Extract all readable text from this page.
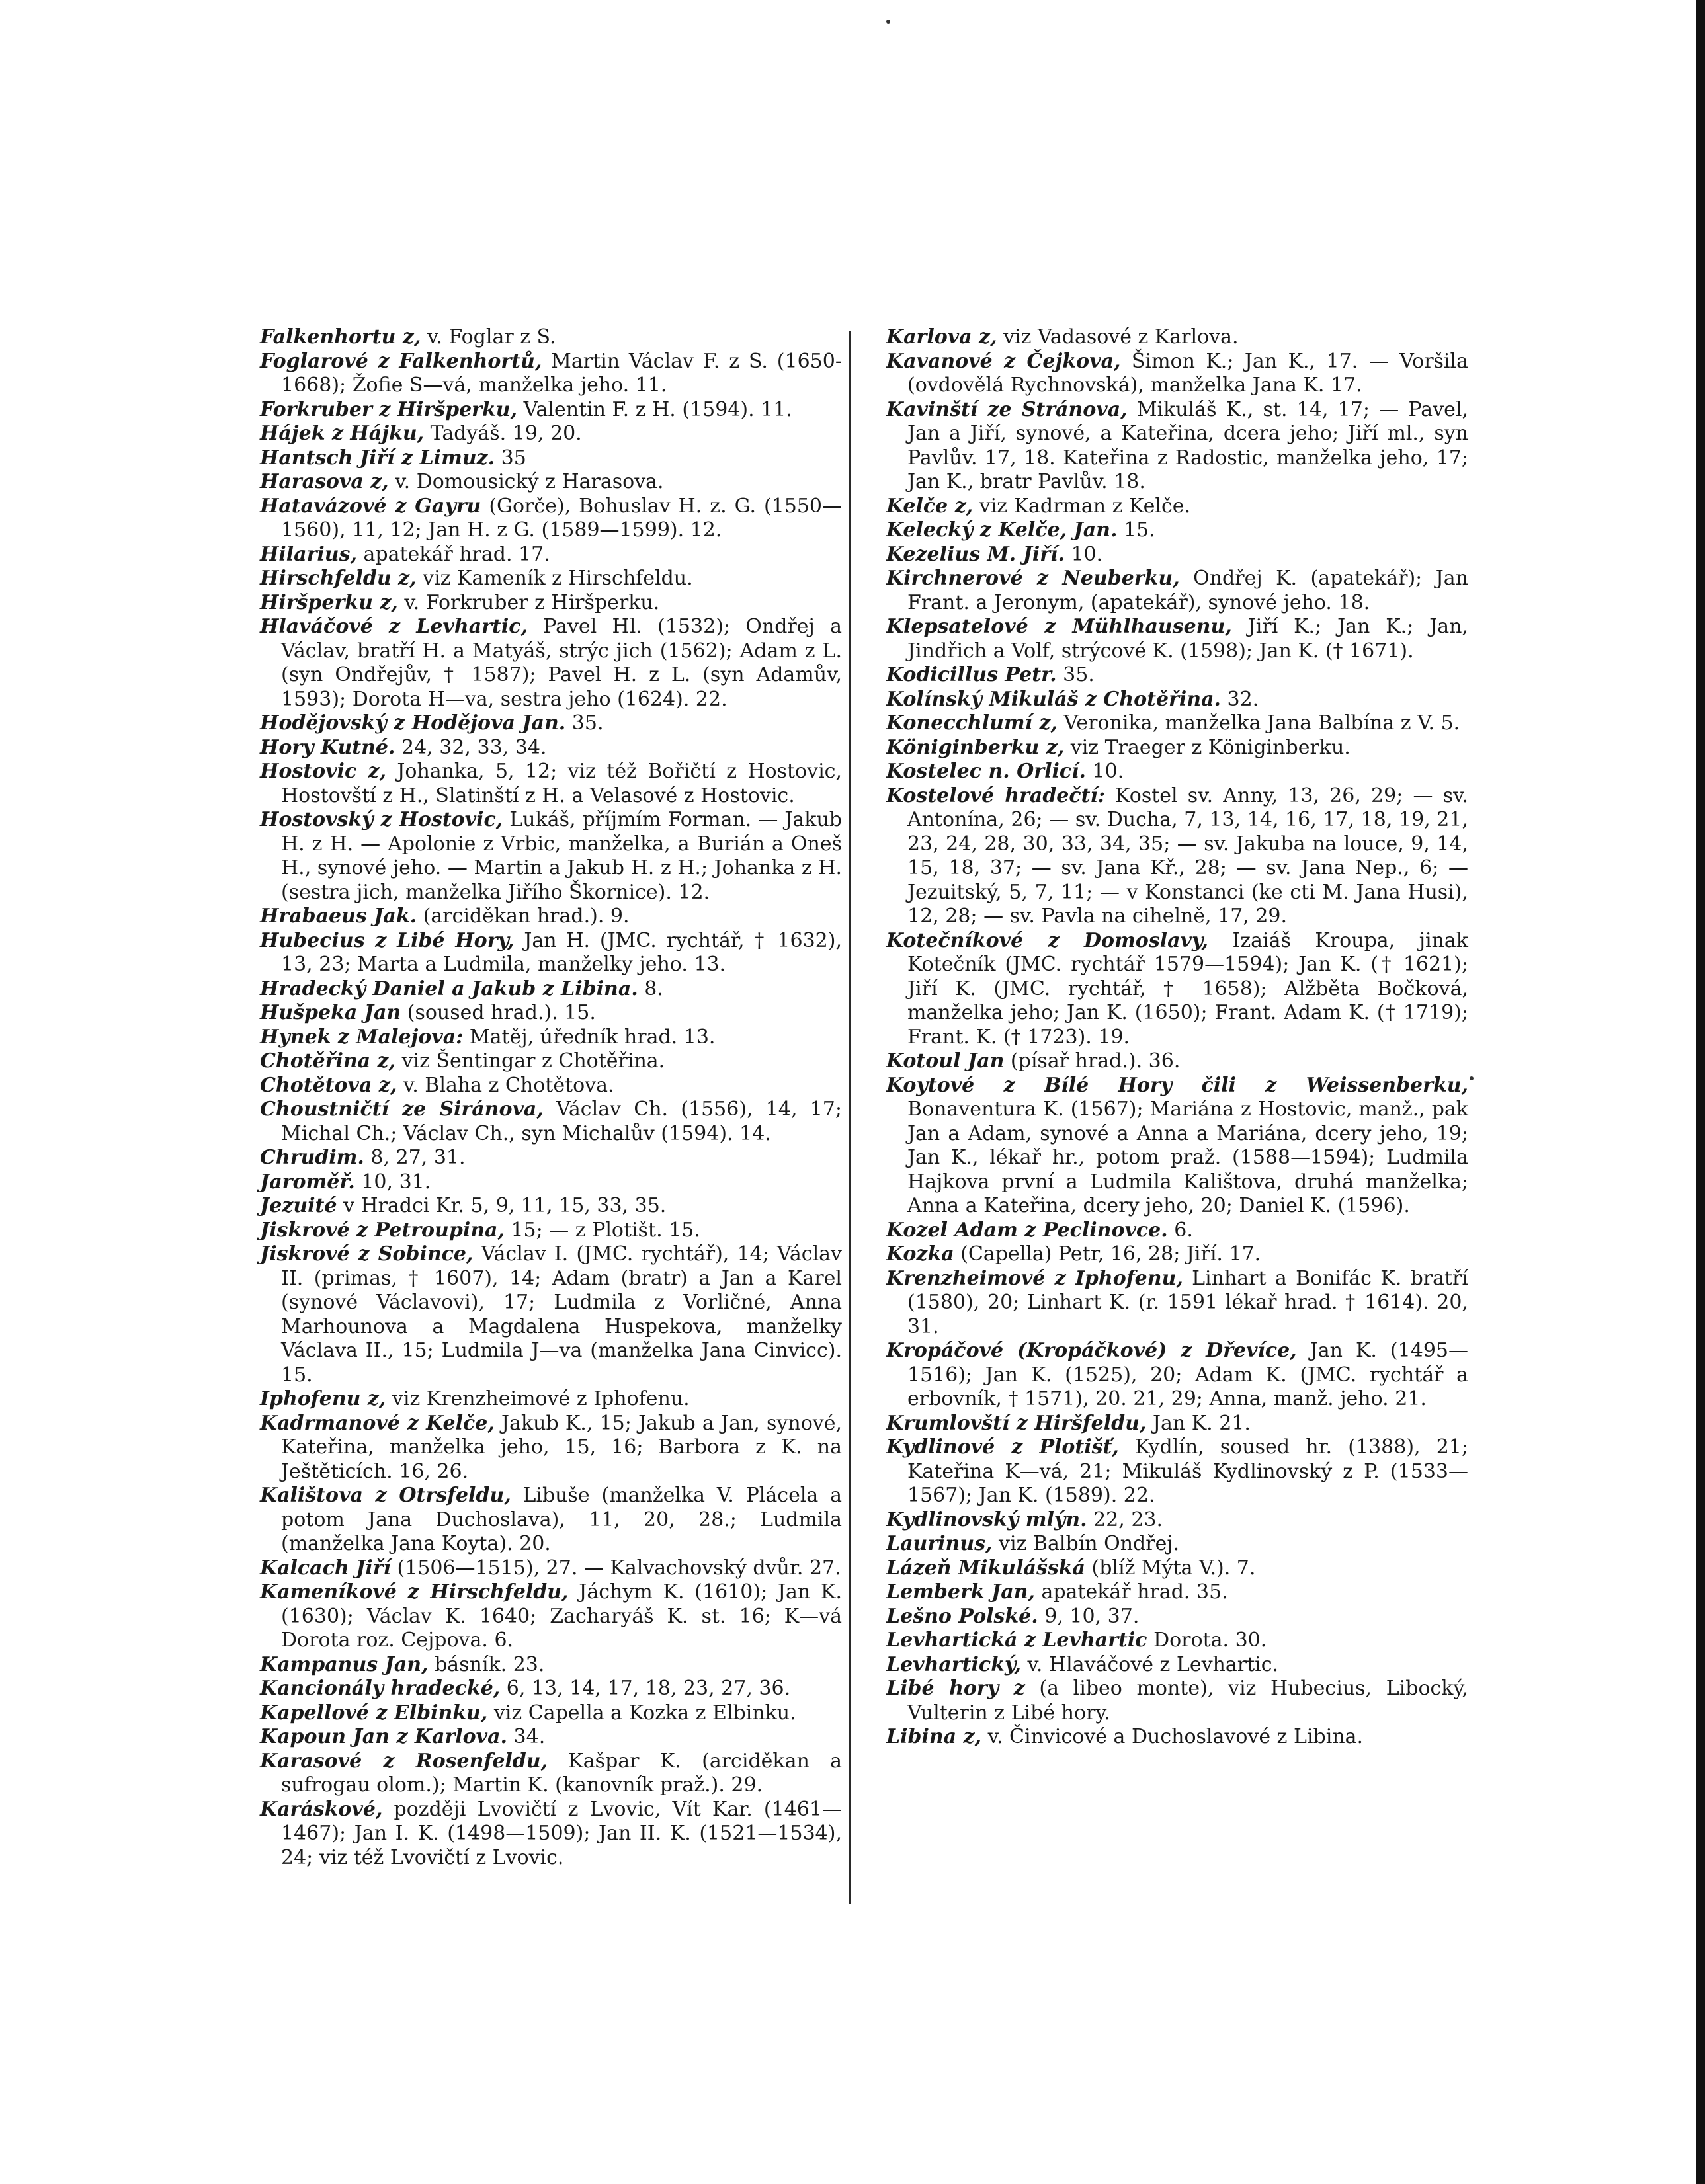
Falkenhortu z, v. Foglar z S.

Foglarové z Falkenhortů, Martin Václav F. z S. (1650-1668); Žofie S—vá, manželka jeho. 11.

Forkruber z Hiršperku, Valentin F. z H. (1594). 11.

Hájek z Hájku, Tadyáš. 19, 20.

Hantsch Jiří z Limuz. 35

Harasova z, v. Domousický z Harasova.

Hatavázové z Gayru (Gorče), Bohuslav H. z. G. (1550—1560), 11, 12; Jan H. z G. (1589—1599). 12.

Hilarius, apatekář hrad. 17.

Hirschfeldu z, viz Kameník z Hirschfeldu.

Hiršperku z, v. Forkruber z Hiršperku.

Hlaváčové z Levhartic, Pavel Hl. (1532); Ondřej a Václav, bratří H. a Matyáš, strýc jich (1562); Adam z L. (syn Ondřejův, † 1587); Pavel H. z L. (syn Adamův, 1593); Dorota H—va, sestra jeho (1624). 22.

Hodějovský z Hodějova Jan. 35.

Hory Kutné. 24, 32, 33, 34.

Hostovic z, Johanka, 5, 12; viz též Bořičtí z Hostovic, Hostovští z H., Slatinští z H. a Velasové z Hostovic.

Hostovský z Hostovic, Lukáš, příjmím Forman. — Jakub H. z H. — Apolonie z Vrbic, manželka, a Burián a Oneš H., synové jeho. — Martin a Jakub H. z H.; Johanka z H. (sestra jich, manželka Jiřího Škornice). 12.

Hrabaeus Jak. (arciděkan hrad.). 9.

Hubecius z Libé Hory, Jan H. (JMC. rychtář, † 1632), 13, 23; Marta a Ludmila, manželky jeho. 13.

Hradecký Daniel a Jakub z Libina. 8.

Hušpeka Jan (soused hrad.). 15.

Hynek z Malejova: Matěj, úředník hrad. 13.

Chotěřina z, viz Šentingar z Chotěřina.

Chotětova z, v. Blaha z Chotětova.

Choustničtí ze Siránova, Václav Ch. (1556), 14, 17; Michal Ch.; Václav Ch., syn Michalův (1594). 14.

Chrudim. 8, 27, 31.

Jaroměř. 10, 31.

Jezuité v Hradci Kr. 5, 9, 11, 15, 33, 35.

Jiskrové z Petroupina, 15; — z Plotišt. 15.

Jiskrové z Sobince, Václav I. (JMC. rychtář), 14; Václav II. (primas, † 1607), 14; Adam (bratr) a Jan a Karel (synové Václavovi), 17; Ludmila z Vorličné, Anna Marhounova a Magdalena Huspekova, manželky Václava II., 15; Ludmila J—va (manželka Jana Cinvicc). 15.

Iphofenu z, viz Krenzheimové z Iphofenu.

Kadrmanové z Kelče, Jakub K., 15; Jakub a Jan, synové, Kateřina, manželka jeho, 15, 16; Barbora z K. na Ještěticích. 16, 26.

Kalištova z Otrsfeldu, Libuše (manželka V. Plácela a potom Jana Duchoslava), 11, 20, 28.; Ludmila (manželka Jana Koyta). 20.

Kalcach Jiří (1506—1515), 27. — Kalvachovský dvůr. 27.

Kameníkové z Hirschfeldu, Jáchym K. (1610); Jan K. (1630); Václav K. 1640; Zacharyáš K. st. 16; K—vá Dorota roz. Cejpova. 6.

Kampanus Jan, básník. 23.

Kancionály hradecké, 6, 13, 14, 17, 18, 23, 27, 36.

Kapellové z Elbinku, viz Capella a Kozka z Elbinku.

Kapoun Jan z Karlova. 34.

Karasové z Rosenfeldu, Kašpar K. (arciděkan a sufrogau olom.); Martin K. (kanovník praž.). 29.

Karáskové, později Lvovičtí z Lvovic, Vít Kar. (1461—1467); Jan I. K. (1498—1509); Jan II. K. (1521—1534), 24; viz též Lvovičtí z Lvovic.

Karlova z, viz Vadasové z Karlova.

Kavanové z Čejkova, Šimon K.; Jan K., 17. — Voršila (ovdovělá Rychnovská), manželka Jana K. 17.

Kavinští ze Stránova, Mikuláš K., st. 14, 17; — Pavel, Jan a Jiří, synové, a Kateřina, dcera jeho; Jiří ml., syn Pavlův. 17, 18. Kateřina z Radostic, manželka jeho, 17; Jan K., bratr Pavlův. 18.

Kelče z, viz Kadrman z Kelče.

Kelecký z Kelče, Jan. 15.

Kezelius M. Jiří. 10.

Kirchnerové z Neuberku, Ondřej K. (apatekář); Jan Frant. a Jeronym, (apatekář), synové jeho. 18.

Klepsatelové z Mühlhausenu, Jiří K.; Jan K.; Jan, Jindřich a Volf, strýcové K. (1598); Jan K. († 1671).

Kodicillus Petr. 35.

Kolínský Mikuláš z Chotěřina. 32.

Konecchlumí z, Veronika, manželka Jana Balbína z V. 5.

Königinberku z, viz Traeger z Königinberku.

Kostelec n. Orlicí. 10.

Kostelové hradečtí: Kostel sv. Anny, 13, 26, 29; — sv. Antonína, 26; — sv. Ducha, 7, 13, 14, 16, 17, 18, 19, 21, 23, 24, 28, 30, 33, 34, 35; — sv. Jakuba na louce, 9, 14, 15, 18, 37; — sv. Jana Kř., 28; — sv. Jana Nep., 6; — Jezuitský, 5, 7, 11; — v Konstanci (ke cti M. Jana Husi), 12, 28; — sv. Pavla na cihelně, 17, 29.

Kotečníkové z Domoslavy, Izaiáš Kroupa, jinak Kotečník (JMC. rychtář 1579—1594); Jan K. († 1621); Jiří K. (JMC. rychtář, † 1658); Alžběta Bočková, manželka jeho; Jan K. (1650); Frant. Adam K. († 1719); Frant. K. († 1723). 19.

Kotoul Jan (písař hrad.). 36.

Koytové z Bílé Hory čili z Weissenberku, Bonaventura K. (1567); Mariána z Hostovic, manž., pak Jan a Adam, synové a Anna a Mariána, dcery jeho, 19; Jan K., lékař hr., potom praž. (1588—1594); Ludmila Hajkova první a Ludmila Kalištova, druhá manželka; Anna a Kateřina, dcery jeho, 20; Daniel K. (1596).

Kozel Adam z Peclinovce. 6.

Kozka (Capella) Petr, 16, 28; Jiří. 17.

Krenzheimové z Iphofenu, Linhart a Bonifác K. bratří (1580), 20; Linhart K. (r. 1591 lékař hrad. † 1614). 20, 31.

Kropáčové (Kropáčkové) z Dřevíce, Jan K. (1495—1516); Jan K. (1525), 20; Adam K. (JMC. rychtář a erbovník, † 1571), 20. 21, 29; Anna, manž. jeho. 21.

Krumlovští z Hiršfeldu, Jan K. 21.

Kydlinové z Plotišť, Kydlín, soused hr. (1388), 21; Kateřina K—vá, 21; Mikuláš Kydlinovský z P. (1533—1567); Jan K. (1589). 22.

Kydlinovský mlýn. 22, 23.

Laurinus, viz Balbín Ondřej.

Lázeň Mikulášská (blíž Mýta V.). 7.

Lemberk Jan, apatekář hrad. 35.

Lešno Polské. 9, 10, 37.

Levhartická z Levhartic Dorota. 30.

Levhartický, v. Hlaváčové z Levhartic.

Libé hory z (a libeo monte), viz Hubecius, Libocký, Vulterin z Libé hory.

Libina z, v. Činvicové a Duchoslavové z Libina.
